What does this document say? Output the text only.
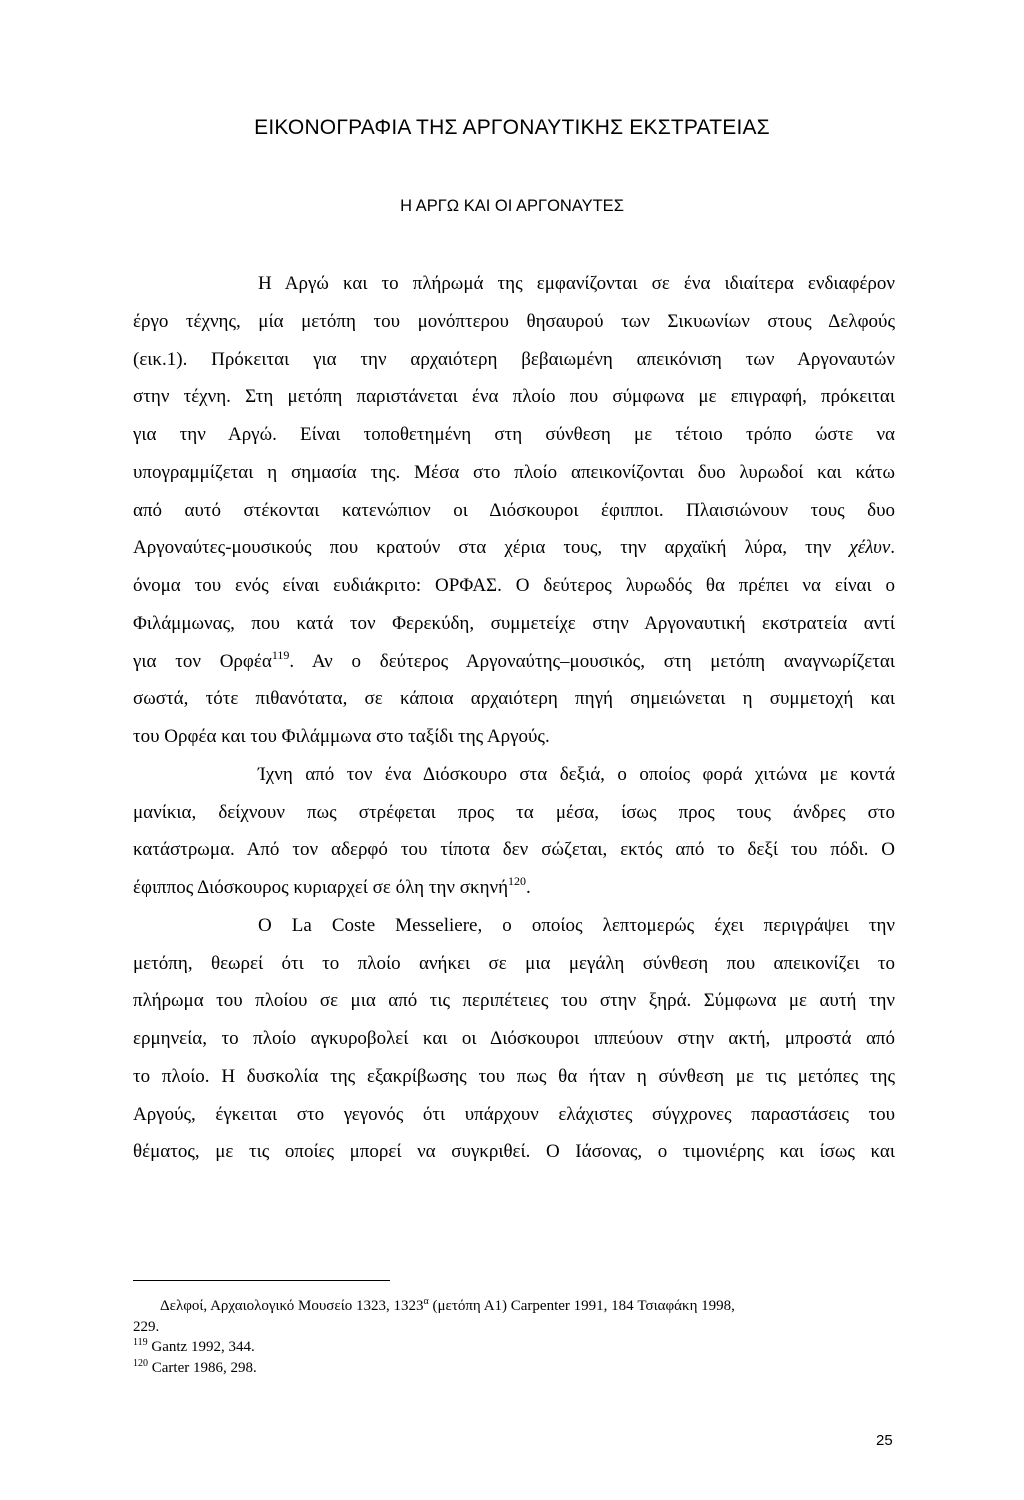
ΕΙΚΟΝΟΓΡΑΦΙΑ ΤΗΣ ΑΡΓΟΝΑΥΤΙΚΗΣ ΕΚΣΤΡΑΤΕΙΑΣ
Η ΑΡΓΩ ΚΑΙ ΟΙ ΑΡΓΟΝΑΥΤΕΣ
Η Αργώ και το πλήρωμά της εμφανίζονται σε ένα ιδιαίτερα ενδιαφέρον
έργο τέχνης, μία μετόπη του μονόπτερου θησαυρού των Σικυωνίων στους Δελφούς
(εικ.1). Πρόκειται για την αρχαιότερη βεβαιωμένη απεικόνιση των Αργοναυτών
στην τέχνη. Στη μετόπη παριστάνεται ένα πλοίο που σύμφωνα με επιγραφή, πρόκειται
για την Αργώ. Είναι τοποθετημένη στη σύνθεση με τέτοιο τρόπο ώστε να
υπογραμμίζεται η σημασία της. Μέσα στο πλοίο απεικονίζονται δυο λυρωδοί και κάτω
από αυτό στέκονται κατενώπιον οι Διόσκουροι έφιπποι. Πλαισιώνουν τους δυο
Αργοναύτες-μουσικούς που κρατούν στα χέρια τους, την αρχαϊκή λύρα, την χέλυν.
όνομα του ενός είναι ευδιάκριτο: ΟΡΦΑΣ. Ο δεύτερος λυρωδός θα πρέπει να είναι ο
Φιλάμμωνας, που κατά τον Φερεκύδη, συμμετείχε στην Αργοναυτική εκστρατεία αντί
για τον Ορφέα$^{119}$. Αν ο δεύτερος Αργοναύτης–μουσικός, στη μετόπη αναγνωρίζεται
σωστά, τότε πιθανότατα, σε κάποια αρχαιότερη πηγή σημειώνεται η συμμετοχή και
του Ορφέα και του Φιλάμμωνα στο ταξίδι της Αργούς.
Ίχνη από τον ένα Διόσκουρο στα δεξιά, ο οποίος φορά χιτώνα με κοντά
μανίκια, δείχνουν πως στρέφεται προς τα μέσα, ίσως προς τους άνδρες στο
κατάστρωμα. Από τον αδερφό του τίποτα δεν σώζεται, εκτός από το δεξί του πόδι. Ο
έφιππος Διόσκουρος κυριαρχεί σε όλη την σκηνή$^{120}$.
Ο La Coste Messeliere, ο οποίος λεπτομερώς έχει περιγράψει την
μετόπη, θεωρεί ότι το πλοίο ανήκει σε μια μεγάλη σύνθεση που απεικονίζει το
πλήρωμα του πλοίου σε μια από τις περιπέτειες του στην ξηρά. Σύμφωνα με αυτή την
ερμηνεία, το πλοίο αγκυροβολεί και οι Διόσκουροι ιππεύουν στην ακτή, μπροστά από
το πλοίο. Η δυσκολία της εξακρίβωσης του πως θα ήταν η σύνθεση με τις μετόπες της
Αργούς, έγκειται στο γεγονός ότι υπάρχουν ελάχιστες σύγχρονες παραστάσεις του
θέματος, με τις οποίες μπορεί να συγκριθεί. Ο Ιάσονας, ο τιμονιέρης και ίσως και
Δελφοί, Αρχαιολογικό Μουσείο 1323, $1323^\alpha$ (μετόπη Α1) Carpenter 1991, 184 Τσιαφάκη 1998,
229.
$^{119}$ Gantz 1992, 344.
$^{120}$ Carter 1986, 298.
25
